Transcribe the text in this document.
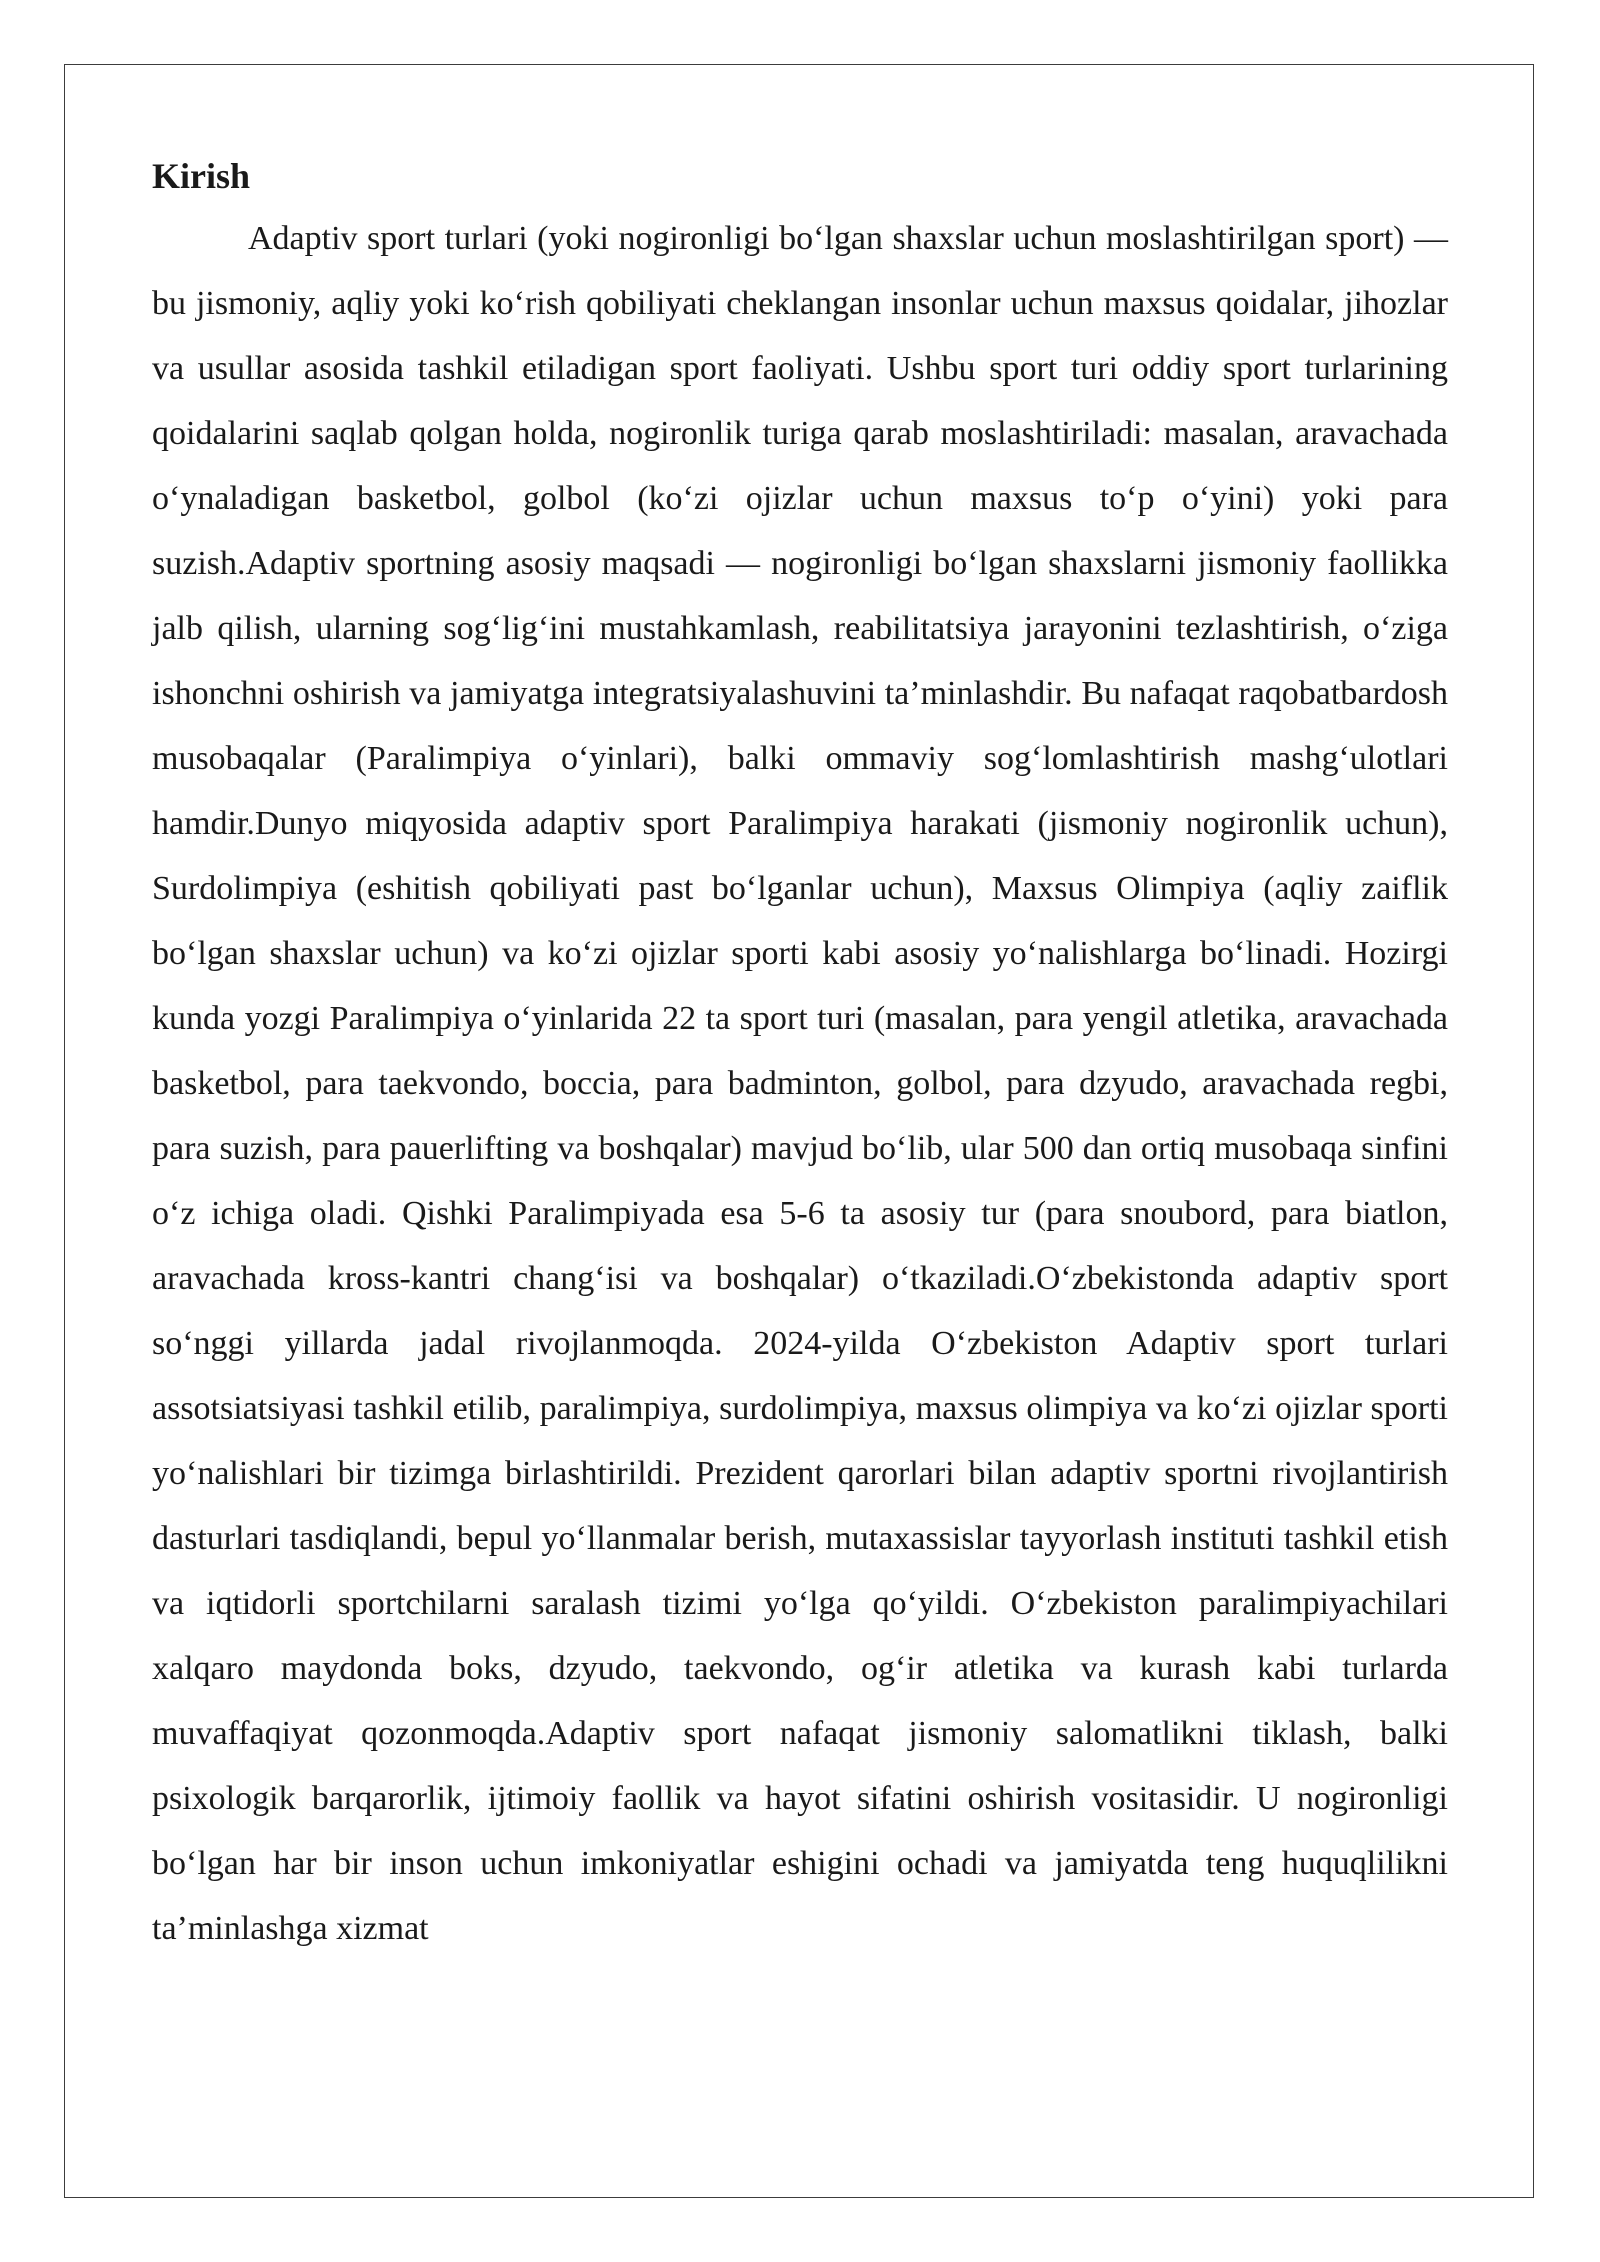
Kirish

Adaptiv sport turlari (yoki nogironligi bo‘lgan shaxslar uchun moslashtirilgan sport) — bu jismoniy, aqliy yoki ko‘rish qobiliyati cheklangan insonlar uchun maxsus qoidalar, jihozlar va usullar asosida tashkil etiladigan sport faoliyati. Ushbu sport turi oddiy sport turlarining qoidalarini saqlab qolgan holda, nogironlik turiga qarab moslashtiriladi: masalan, aravachada o‘ynaladigan basketbol, golbol (ko‘zi ojizlar uchun maxsus to‘p o‘yini) yoki para suzish.Adaptiv sportning asosiy maqsadi — nogironligi bo‘lgan shaxslarni jismoniy faollikka jalb qilish, ularning sog‘lig‘ini mustahkamlash, reabilitatsiya jarayonini tezlashtirish, o‘ziga ishonchni oshirish va jamiyatga integratsiyalashuvini ta’minlashdir. Bu nafaqat raqobatbardosh musobaqalar (Paralimpiya o‘yinlari), balki ommaviy sog‘lomlashtirish mashg‘ulotlari hamdir.Dunyo miqyosida adaptiv sport Paralimpiya harakati (jismoniy nogironlik uchun), Surdolimpiya (eshitish qobiliyati past bo‘lganlar uchun), Maxsus Olimpiya (aqliy zaiflik bo‘lgan shaxslar uchun) va ko‘zi ojizlar sporti kabi asosiy yo‘nalishlarga bo‘linadi. Hozirgi kunda yozgi Paralimpiya o‘yinlarida 22 ta sport turi (masalan, para yengil atletika, aravachada basketbol, para taekvondo, boccia, para badminton, golbol, para dzyudo, aravachada regbi, para suzish, para pauerlifting va boshqalar) mavjud bo‘lib, ular 500 dan ortiq musobaqa sinfini o‘z ichiga oladi. Qishki Paralimpiyada esa 5-6 ta asosiy tur (para snoubord, para biatlon, aravachada kross-kantri chang‘isi va boshqalar) o‘tkaziladi.O‘zbekistonda adaptiv sport so‘nggi yillarda jadal rivojlanmoqda. 2024-yilda O‘zbekiston Adaptiv sport turlari assotsiatsiyasi tashkil etilib, paralimpiya, surdolimpiya, maxsus olimpiya va ko‘zi ojizlar sporti yo‘nalishlari bir tizimga birlashtirildi. Prezident qarorlari bilan adaptiv sportni rivojlantirish dasturlari tasdiqlandi, bepul yo‘llanmalar berish, mutaxassislar tayyorlash instituti tashkil etish va iqtidorli sportchilarni saralash tizimi yo‘lga qo‘yildi. O‘zbekiston paralimpiyachilari xalqaro maydonda boks, dzyudo, taekvondo, og‘ir atletika va kurash kabi turlarda muvaffaqiyat qozonmoqda.Adaptiv sport nafaqat jismoniy salomatlikni tiklash, balki psixologik barqarorlik, ijtimoiy faollik va hayot sifatini oshirish vositasidir. U nogironligi bo‘lgan har bir inson uchun imkoniyatlar eshigini ochadi va jamiyatda teng huquqlilikni ta’minlashga xizmat
